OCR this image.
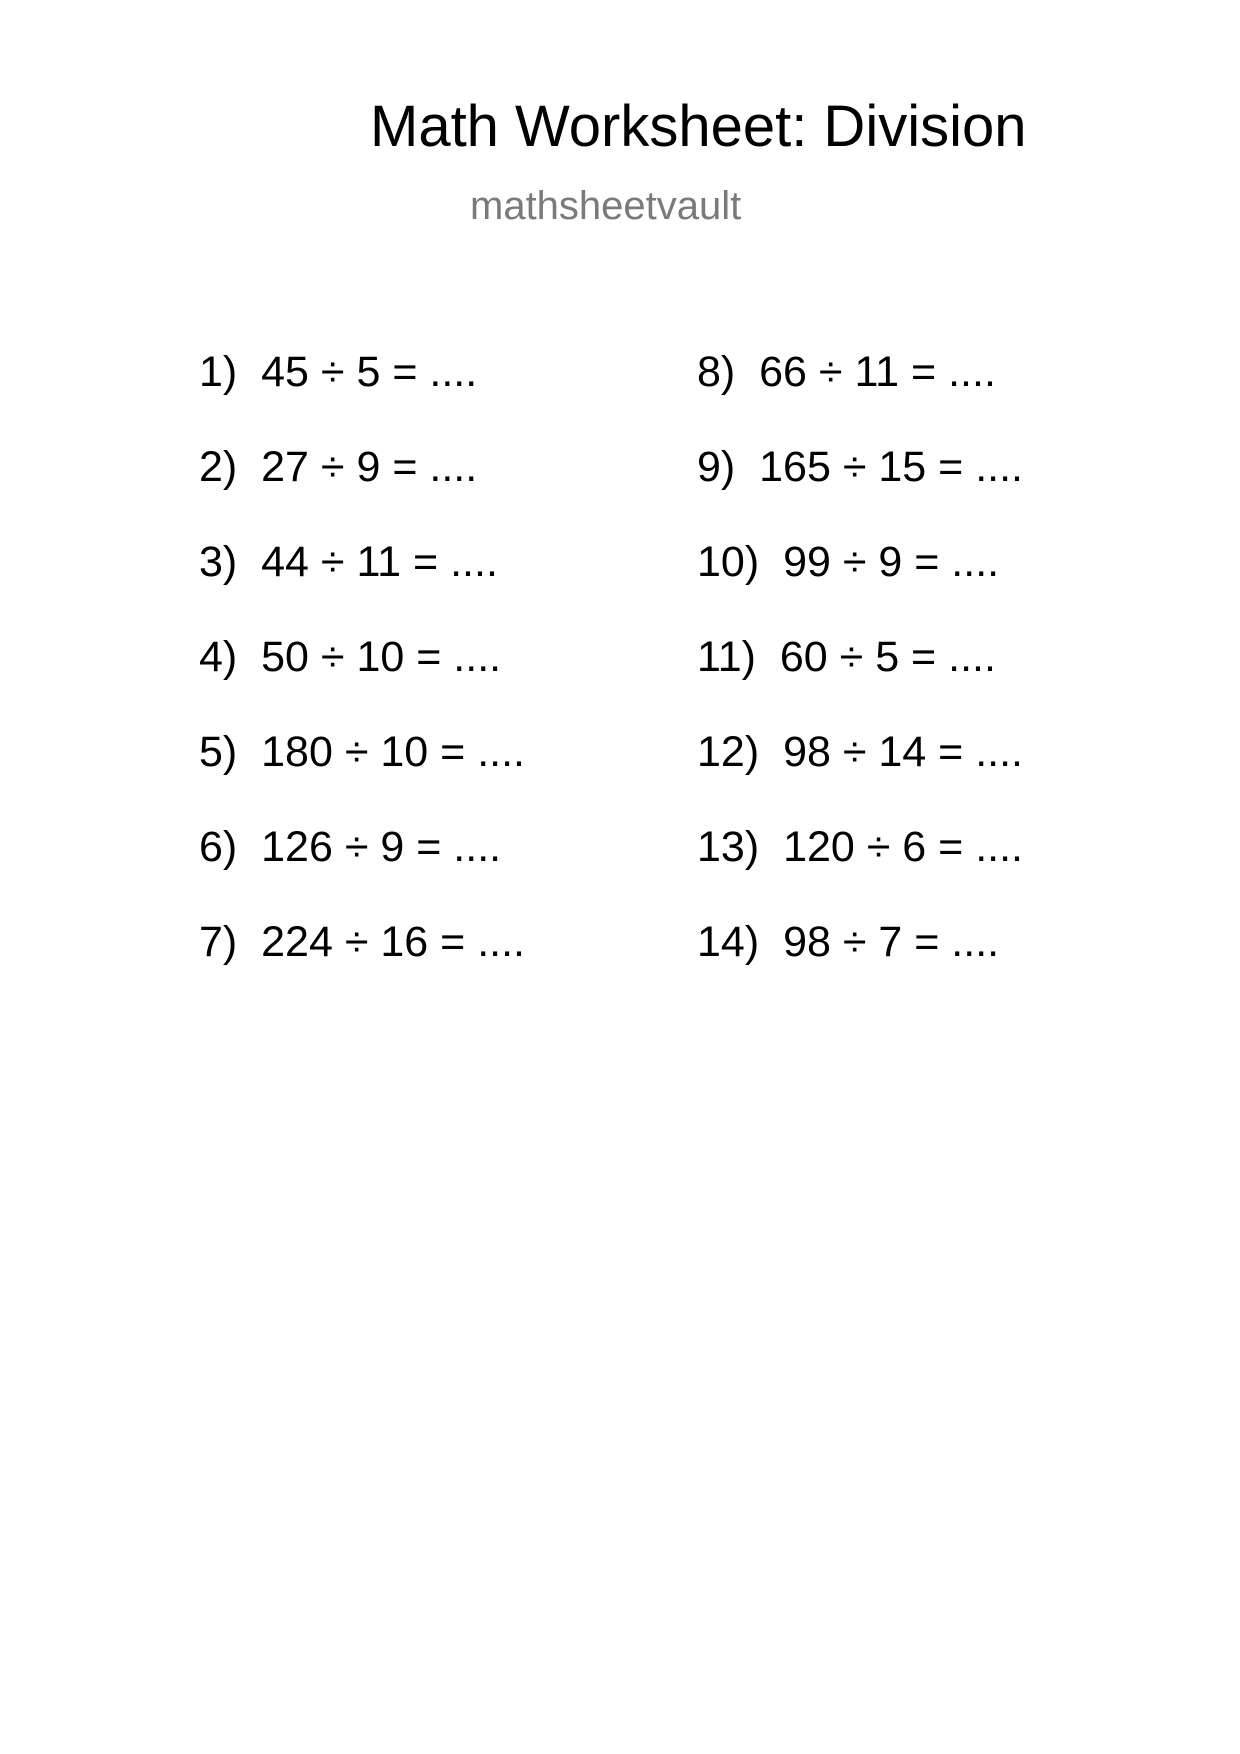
Math Worksheet: Division
mathsheetvault
1) 45 ÷ 5 = ....
2) 27 ÷ 9 = ....
3) 44 ÷ 11 = ....
4) 50 ÷ 10 = ....
5) 180 ÷ 10 = ....
6) 126 ÷ 9 = ....
7) 224 ÷ 16 = ....
8) 66 ÷ 11 = ....
9) 165 ÷ 15 = ....
10) 99 ÷ 9 = ....
11) 60 ÷ 5 = ....
12) 98 ÷ 14 = ....
13) 120 ÷ 6 = ....
14) 98 ÷ 7 = ....
